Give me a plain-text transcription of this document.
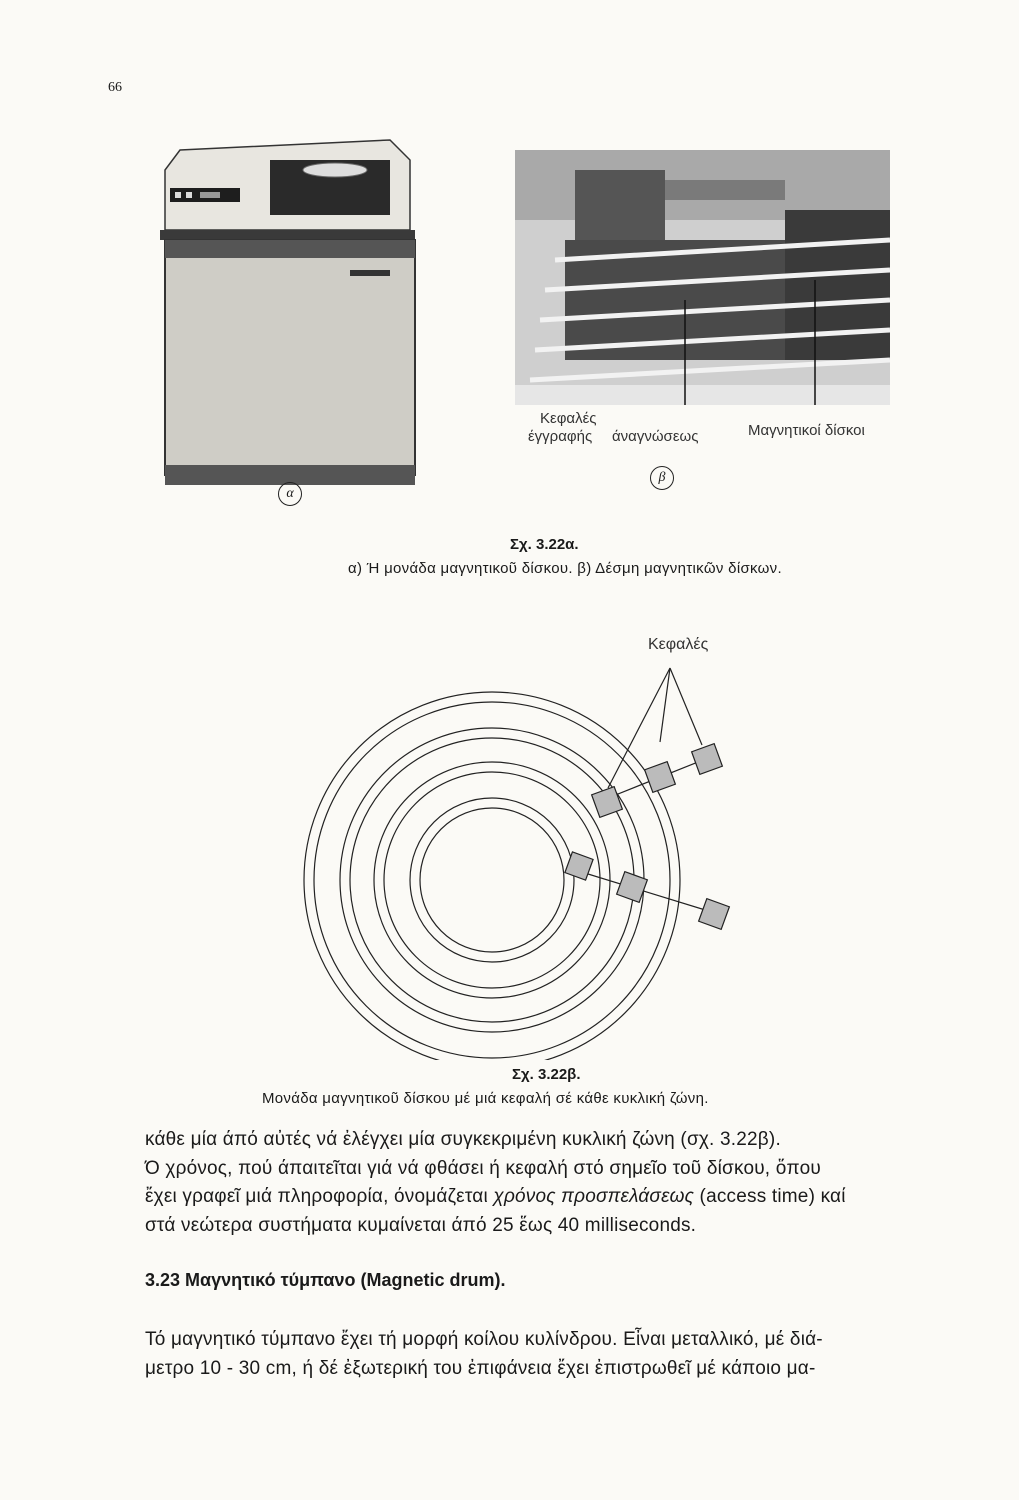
66
α
Κεφαλές
έγγραφής άναγνώσεως	Μαγνητικοί δίσκοι
β
Σχ. 3.22α.
α) Ή μονάδα μαγνητικοῦ δίσκου. β) Δέσμη μαγνητικῶν δίσκων.
Κεφαλές
Σχ. 3.22β.
Μονάδα μαγνητικοῦ δίσκου μέ μιά κεφαλή σέ κάθε κυκλική ζώνη.
κάθε μία άπό αὐτές νά ἐλέγχει μία συγκεκριμένη κυκλική ζώνη (σχ. 3.22β).
Ό χρόνος, πού άπαιτεῖται γιά νά φθάσει ή κεφαλή στό σημεῖο τοῦ δίσκου, ὅπου
ἔχει γραφεῖ μιά πληροφορία, όνομάζεται χρόνος προσπελάσεως (access time) καί
στά νεώτερα συστήματα κυμαίνεται άπό 25 ἕως 40 milliseconds.
3.23 Μαγνητικό τύμπανο (Magnetic drum).
Τό μαγνητικό τύμπανο ἔχει τή μορφή κοίλου κυλίνδρου. Εἶναι μεταλλικό, μέ διά-
μετρο 10 - 30 cm, ή δέ ἐξωτερική του ἐπιφάνεια ἔχει ἐπιστρωθεῖ μέ κάποιο μα-
